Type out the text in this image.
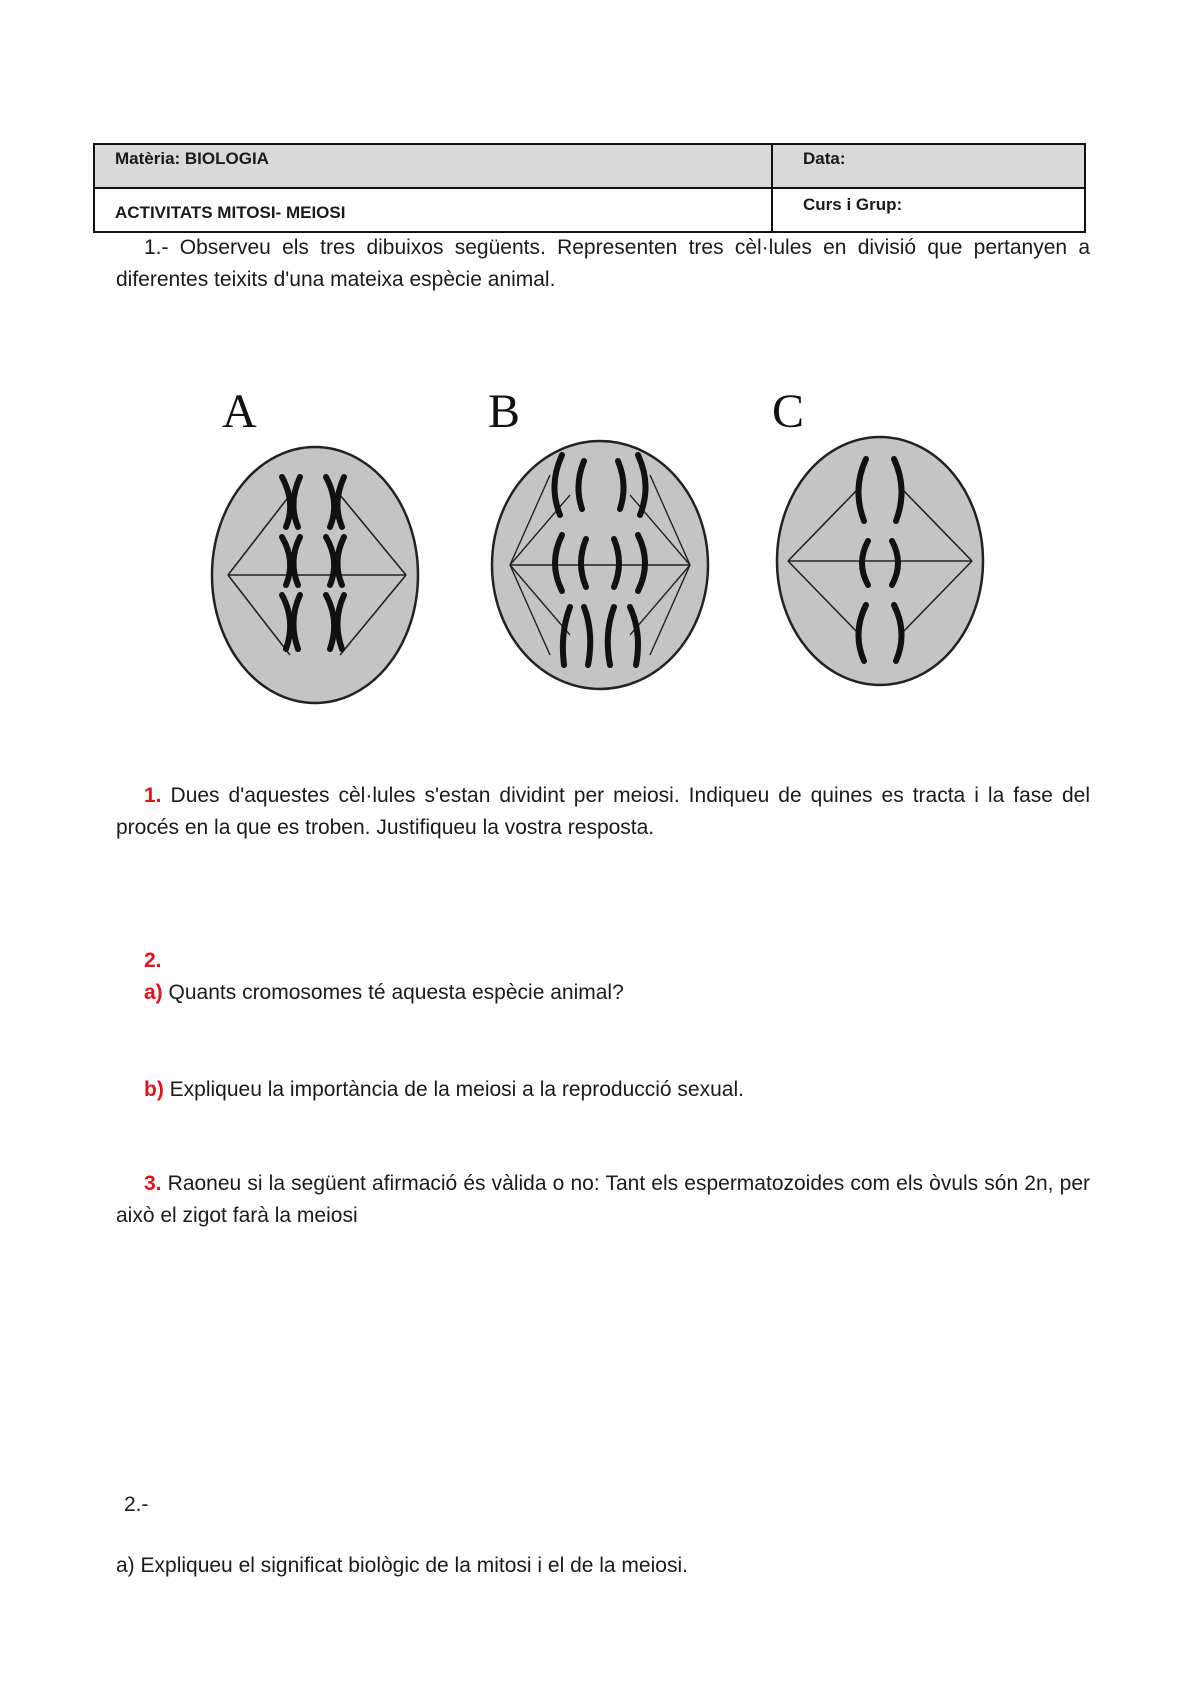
Matèria: BIOLOGIA	Data:
ACTIVITATS MITOSI- MEIOSI	Curs i Grup:
1.- Observeu els tres dibuixos següents. Representen tres cèl·lules en divisió que pertanyen a diferentes teixits d'una mateixa espècie animal.
A	B	C
1. Dues d'aquestes cèl·lules s'estan dividint per meiosi. Indiqueu de quines es tracta i la fase del procés en la que es troben. Justifiqueu la vostra resposta.
2.
a) Quants cromosomes té aquesta espècie animal?
b) Expliqueu la importància de la meiosi a la reproducció sexual.
3. Raoneu si la següent afirmació és vàlida o no: Tant els espermatozoides com els òvuls són 2n, per això el zigot farà la meiosi
2.-
a) Expliqueu el significat biològic de la mitosi i el de la meiosi.
